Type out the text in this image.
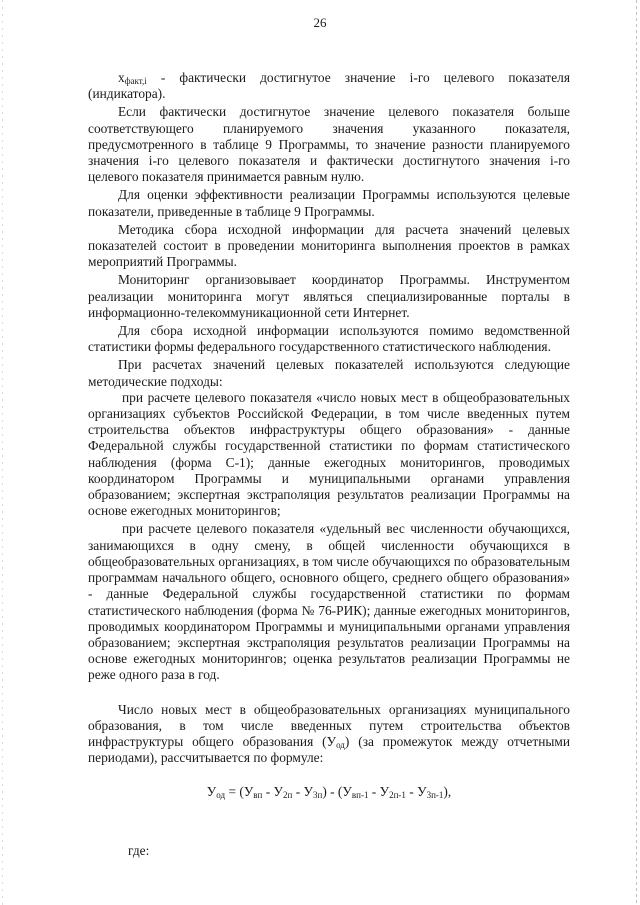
26

$x_{факт,i}$ - фактически достигнутое значение i-го целевого показателя (индикатора).

Если фактически достигнутое значение целевого показателя больше соответствующего планируемого значения указанного показателя, предусмотренного в таблице 9 Программы, то значение разности планируемого значения i-го целевого показателя и фактически достигнутого значения i-го целевого показателя принимается равным нулю.

Для оценки эффективности реализации Программы используются целевые показатели, приведенные в таблице 9 Программы.

Методика сбора исходной информации для расчета значений целевых показателей состоит в проведении мониторинга выполнения проектов в рамках мероприятий Программы.

Мониторинг организовывает координатор Программы. Инструментом реализации мониторинга могут являться специализированные порталы в информационно-телекоммуникационной сети Интернет.

Для сбора исходной информации используются помимо ведомственной статистики формы федерального государственного статистического наблюдения.

При расчетах значений целевых показателей используются следующие методические подходы:

при расчете целевого показателя «число новых мест в общеобразовательных организациях субъектов Российской Федерации, в том числе введенных путем строительства объектов инфраструктуры общего образования» - данные Федеральной службы государственной статистики по формам статистического наблюдения (форма С-1); данные ежегодных мониторингов, проводимых координатором Программы и муниципальными органами управления образованием; экспертная экстраполяция результатов реализации Программы на основе ежегодных мониторингов;

при расчете целевого показателя «удельный вес численности обучающихся, занимающихся в одну смену, в общей численности обучающихся в общеобразовательных организациях, в том числе обучающихся по образовательным программам начального общего, основного общего, среднего общего образования» - данные Федеральной службы государственной статистики по формам статистического наблюдения (форма № 76-РИК); данные ежегодных мониторингов, проводимых координатором Программы и муниципальными органами управления образованием; экспертная экстраполяция результатов реализации Программы на основе ежегодных мониторингов; оценка результатов реализации Программы не реже одного раза в год.

Число новых мест в общеобразовательных организациях муниципального образования, в том числе введенных путем строительства объектов инфраструктуры общего образования $(У_{од})$ (за промежуток между отчетными периодами), рассчитывается по формуле:

$У_{од} = (У_{вп} - У_{2п} - У_{3п}) - (У_{вп-1} - У_{2п-1} - У_{3п-1})$,

где:
